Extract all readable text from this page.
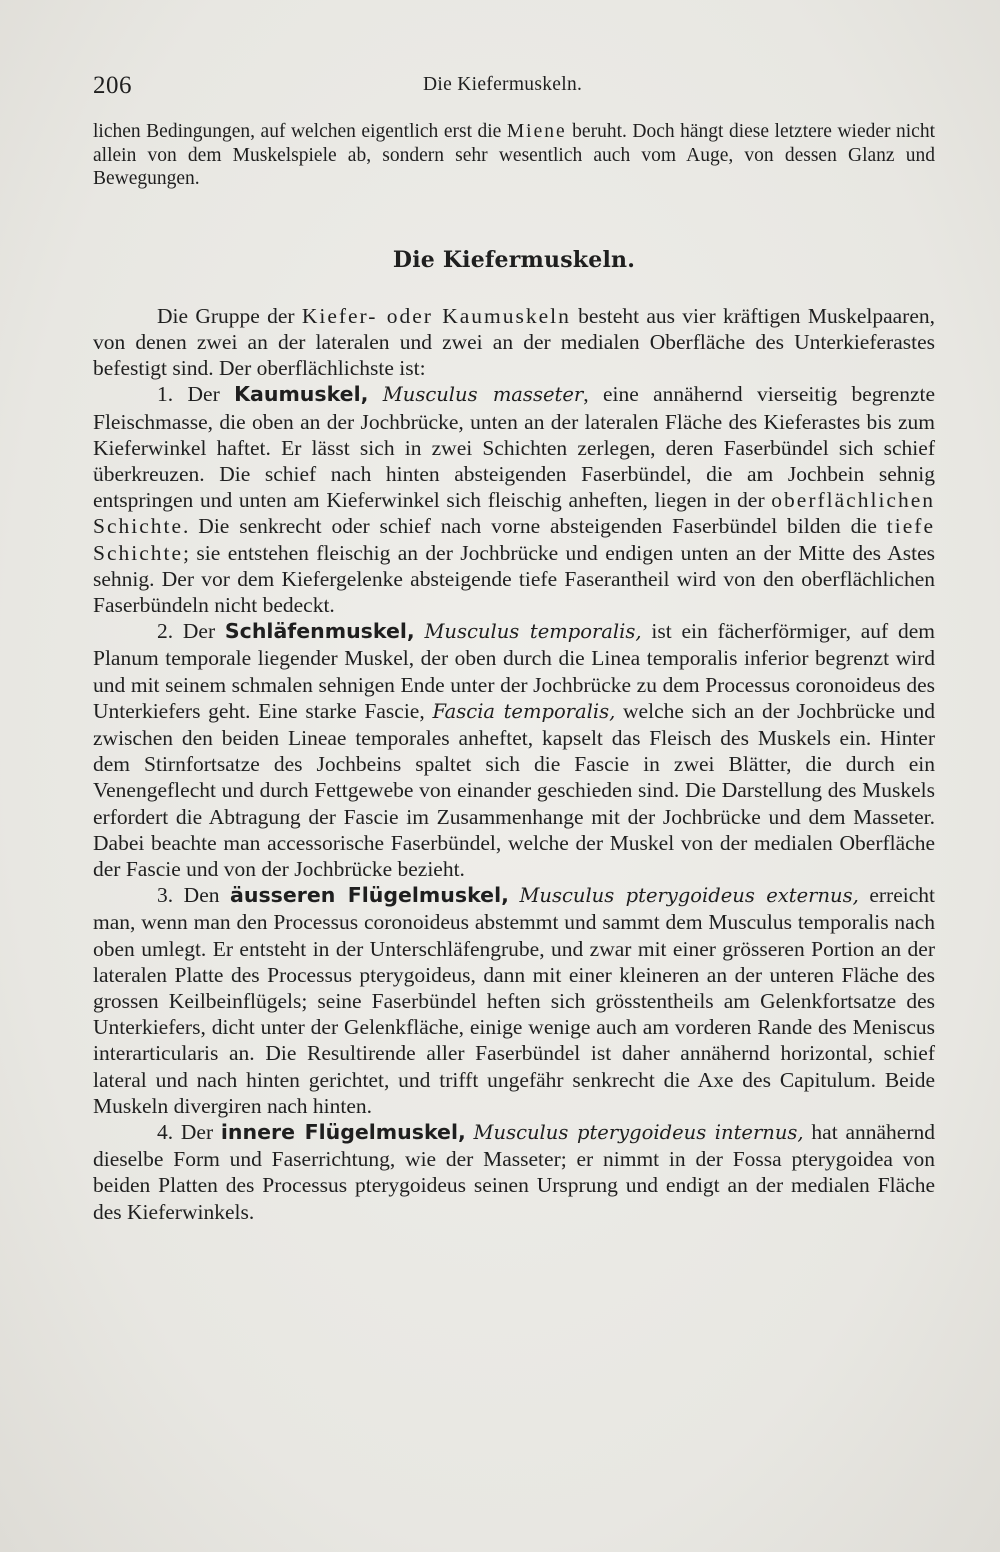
206	Die Kiefermuskeln.

lichen Bedingungen, auf welchen eigentlich erst die Miene beruht. Doch hängt diese letztere wieder nicht allein von dem Muskelspiele ab, sondern sehr wesentlich auch vom Auge, von dessen Glanz und Bewegungen.

Die Kiefermuskeln.

Die Gruppe der Kiefer- oder Kaumuskeln besteht aus vier kräftigen Muskelpaaren, von denen zwei an der lateralen und zwei an der medialen Oberfläche des Unterkieferastes befestigt sind. Der oberflächlichste ist:

1. Der Kaumuskel, Musculus masseter, eine annähernd vierseitig begrenzte Fleischmasse, die oben an der Jochbrücke, unten an der lateralen Fläche des Kieferastes bis zum Kieferwinkel haftet. Er lässt sich in zwei Schichten zerlegen, deren Faserbündel sich schief überkreuzen. Die schief nach hinten absteigenden Faserbündel, die am Jochbein sehnig entspringen und unten am Kieferwinkel sich fleischig anheften, liegen in der oberflächlichen Schichte. Die senkrecht oder schief nach vorne absteigenden Faserbündel bilden die tiefe Schichte; sie entstehen fleischig an der Jochbrücke und endigen unten an der Mitte des Astes sehnig. Der vor dem Kiefergelenke absteigende tiefe Faserantheil wird von den oberflächlichen Faserbündeln nicht bedeckt.

2. Der Schläfenmuskel, Musculus temporalis, ist ein fächerförmiger, auf dem Planum temporale liegender Muskel, der oben durch die Linea temporalis inferior begrenzt wird und mit seinem schmalen sehnigen Ende unter der Jochbrücke zu dem Processus coronoideus des Unterkiefers geht. Eine starke Fascie, Fascia temporalis, welche sich an der Jochbrücke und zwischen den beiden Lineae temporales anheftet, kapselt das Fleisch des Muskels ein. Hinter dem Stirnfortsatze des Jochbeins spaltet sich die Fascie in zwei Blätter, die durch ein Venengeflecht und durch Fettgewebe von einander geschieden sind. Die Darstellung des Muskels erfordert die Abtragung der Fascie im Zusammenhange mit der Jochbrücke und dem Masseter. Dabei beachte man accessorische Faserbündel, welche der Muskel von der medialen Oberfläche der Fascie und von der Jochbrücke bezieht.

3. Den äusseren Flügelmuskel, Musculus pterygoideus externus, erreicht man, wenn man den Processus coronoideus abstemmt und sammt dem Musculus temporalis nach oben umlegt. Er entsteht in der Unterschläfengrube, und zwar mit einer grösseren Portion an der lateralen Platte des Processus pterygoideus, dann mit einer kleineren an der unteren Fläche des grossen Keilbeinflügels; seine Faserbündel heften sich grösstentheils am Gelenkfortsatze des Unterkiefers, dicht unter der Gelenkfläche, einige wenige auch am vorderen Rande des Meniscus interarticularis an. Die Resultirende aller Faserbündel ist daher annähernd horizontal, schief lateral und nach hinten gerichtet, und trifft ungefähr senkrecht die Axe des Capitulum. Beide Muskeln divergiren nach hinten.

4. Der innere Flügelmuskel, Musculus pterygoideus internus, hat annähernd dieselbe Form und Faserrichtung, wie der Masseter; er nimmt in der Fossa pterygoidea von beiden Platten des Processus pterygoideus seinen Ursprung und endigt an der medialen Fläche des Kieferwinkels.
